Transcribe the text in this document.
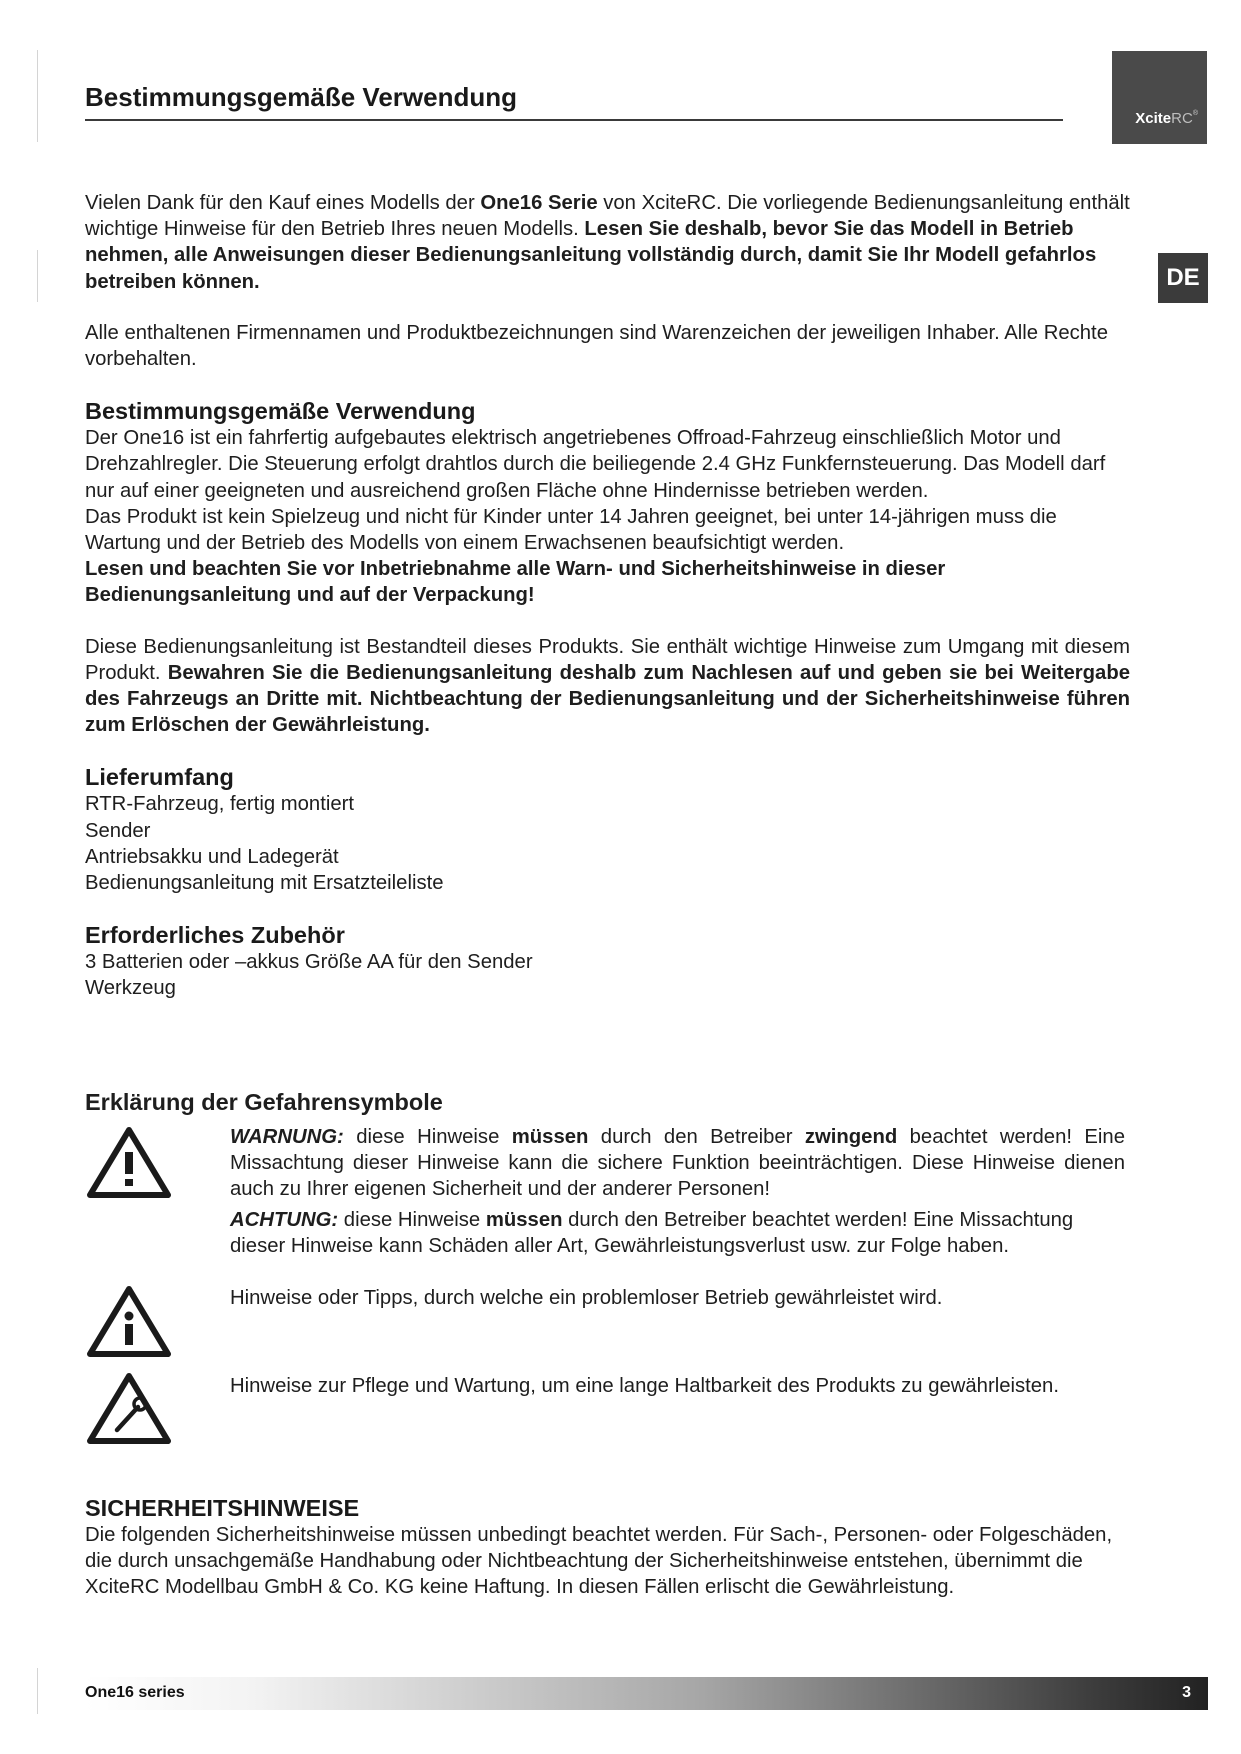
Bestimmungsgemäße Verwendung
XciteRC®
DE

Vielen Dank für den Kauf eines Modells der One16 Serie von XciteRC. Die vorliegende Bedienungsanleitung enthält wichtige Hinweise für den Betrieb Ihres neuen Modells. Lesen Sie deshalb, bevor Sie das Modell in Betrieb nehmen, alle Anweisungen dieser Bedienungsanleitung vollständig durch, damit Sie Ihr Modell gefahrlos betreiben können.

Alle enthaltenen Firmennamen und Produktbezeichnungen sind Warenzeichen der jeweiligen Inhaber. Alle Rechte vorbehalten.

Bestimmungsgemäße Verwendung

Der One16 ist ein fahrfertig aufgebautes elektrisch angetriebenes Offroad-Fahrzeug einschließlich Motor und Drehzahlregler. Die Steuerung erfolgt drahtlos durch die beiliegende 2.4 GHz Funkfernsteuerung. Das Modell darf nur auf einer geeigneten und ausreichend großen Fläche ohne Hindernisse betrieben werden.

Das Produkt ist kein Spielzeug und nicht für Kinder unter 14 Jahren geeignet, bei unter 14-jährigen muss die Wartung und der Betrieb des Modells von einem Erwachsenen beaufsichtigt werden.

Lesen und beachten Sie vor Inbetriebnahme alle Warn- und Sicherheitshinweise in dieser Bedienungsanleitung und auf der Verpackung!

Diese Bedienungsanleitung ist Bestandteil dieses Produkts. Sie enthält wichtige Hinweise zum Umgang mit diesem Produkt. Bewahren Sie die Bedienungsanleitung deshalb zum Nachlesen auf und geben sie bei Weitergabe des Fahrzeugs an Dritte mit. Nichtbeachtung der Bedienungsanleitung und der Sicherheitshinweise führen zum Erlöschen der Gewährleistung.

Lieferumfang
RTR-Fahrzeug, fertig montiert
Sender
Antriebsakku und Ladegerät
Bedienungsanleitung mit Ersatzteileliste
Erforderliches Zubehör
3 Batterien oder –akkus Größe AA für den Sender
Werkzeug
Erklärung der Gefahrensymbole

WARNUNG: diese Hinweise müssen durch den Betreiber zwingend beachtet werden! Eine Missachtung dieser Hinweise kann die sichere Funktion beeinträchtigen. Diese Hinweise dienen auch zu Ihrer eigenen Sicherheit und der anderer Personen!

ACHTUNG: diese Hinweise müssen durch den Betreiber beachtet werden! Eine Missachtung dieser Hinweise kann Schäden aller Art, Gewährleistungsverlust usw. zur Folge haben.

Hinweise oder Tipps, durch welche ein problemloser Betrieb gewährleistet wird.

Hinweise zur Pflege und Wartung, um eine lange Haltbarkeit des Produkts zu gewährleisten.

SICHERHEITSHINWEISE

Die folgenden Sicherheitshinweise müssen unbedingt beachtet werden. Für Sach-, Personen- oder Folgeschäden, die durch unsachgemäße Handhabung oder Nichtbeachtung der Sicherheitshinweise entstehen, übernimmt die XciteRC Modellbau GmbH & Co. KG keine Haftung. In diesen Fällen erlischt die Gewährleistung.

One16 series	3
